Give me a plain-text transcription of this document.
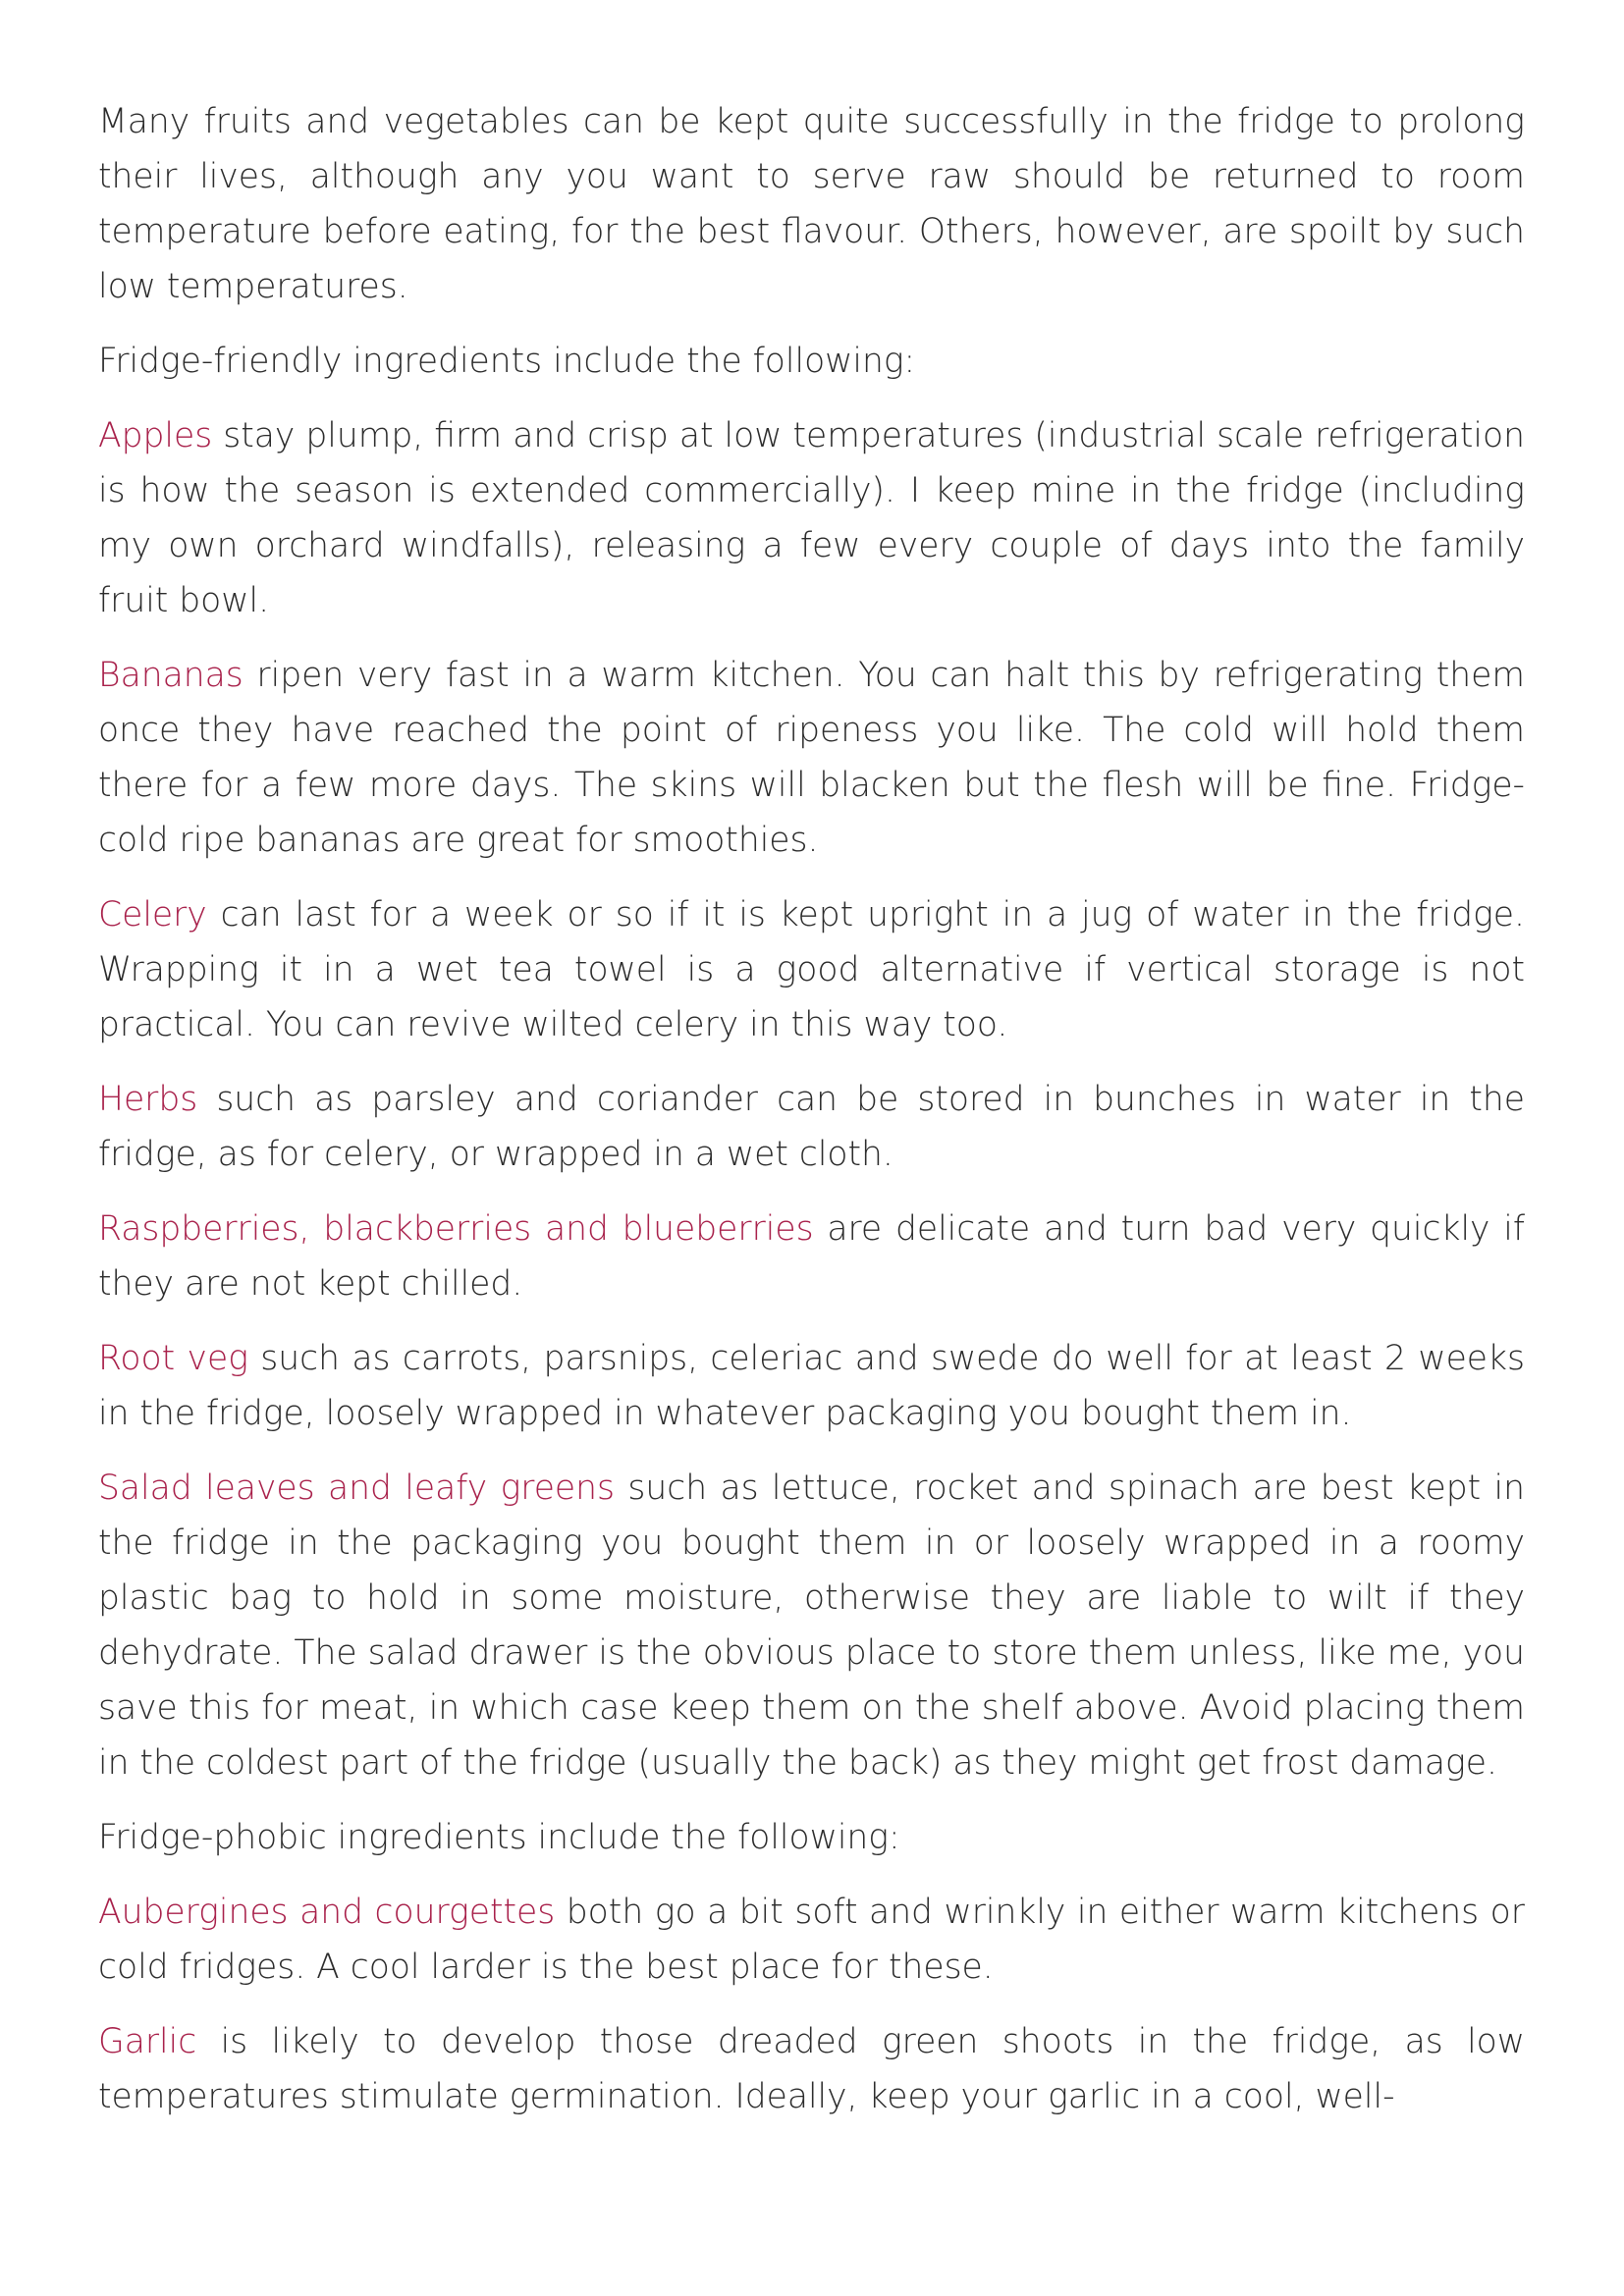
Many fruits and vegetables can be kept quite successfully in the fridge to prolong their lives, although any you want to serve raw should be returned to room temperature before eating, for the best flavour. Others, however, are spoilt by such low temperatures.

Fridge-friendly ingredients include the following:

Apples stay plump, firm and crisp at low temperatures (industrial scale refrigeration is how the season is extended commercially). I keep mine in the fridge (including my own orchard windfalls), releasing a few every couple of days into the family fruit bowl.

Bananas ripen very fast in a warm kitchen. You can halt this by refrigerating them once they have reached the point of ripeness you like. The cold will hold them there for a few more days. The skins will blacken but the flesh will be fine. Fridge-cold ripe bananas are great for smoothies.

Celery can last for a week or so if it is kept upright in a jug of water in the fridge. Wrapping it in a wet tea towel is a good alternative if vertical storage is not practical. You can revive wilted celery in this way too.

Herbs such as parsley and coriander can be stored in bunches in water in the fridge, as for celery, or wrapped in a wet cloth.

Raspberries, blackberries and blueberries are delicate and turn bad very quickly if they are not kept chilled.

Root veg such as carrots, parsnips, celeriac and swede do well for at least 2 weeks in the fridge, loosely wrapped in whatever packaging you bought them in.

Salad leaves and leafy greens such as lettuce, rocket and spinach are best kept in the fridge in the packaging you bought them in or loosely wrapped in a roomy plastic bag to hold in some moisture, otherwise they are liable to wilt if they dehydrate. The salad drawer is the obvious place to store them unless, like me, you save this for meat, in which case keep them on the shelf above. Avoid placing them in the coldest part of the fridge (usually the back) as they might get frost damage.

Fridge-phobic ingredients include the following:

Aubergines and courgettes both go a bit soft and wrinkly in either warm kitchens or cold fridges. A cool larder is the best place for these.

Garlic is likely to develop those dreaded green shoots in the fridge, as low temperatures stimulate germination. Ideally, keep your garlic in a cool, well-
